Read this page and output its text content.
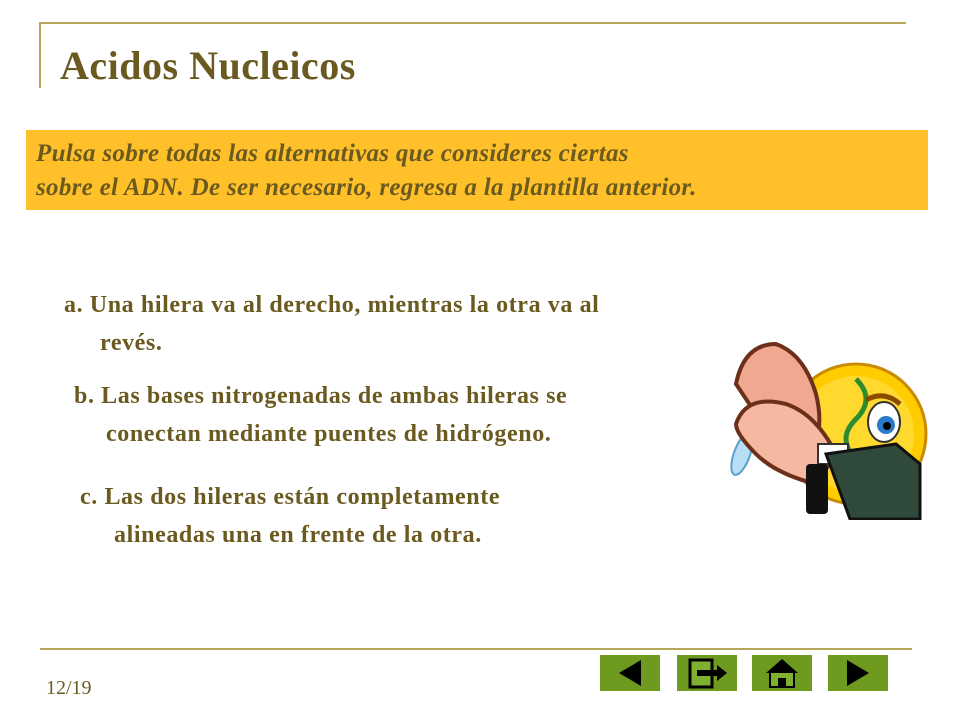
Acidos Nucleicos
Pulsa sobre todas las alternativas que consideres ciertas
sobre el ADN. De ser necesario, regresa a la plantilla anterior.
a. Una hilera va al derecho, mientras la otra va al
revés.
b. Las bases nitrogenadas de ambas hileras se
conectan mediante puentes de hidrógeno.
c. Las dos hileras están completamente
alineadas una en frente de la otra.
12/19
